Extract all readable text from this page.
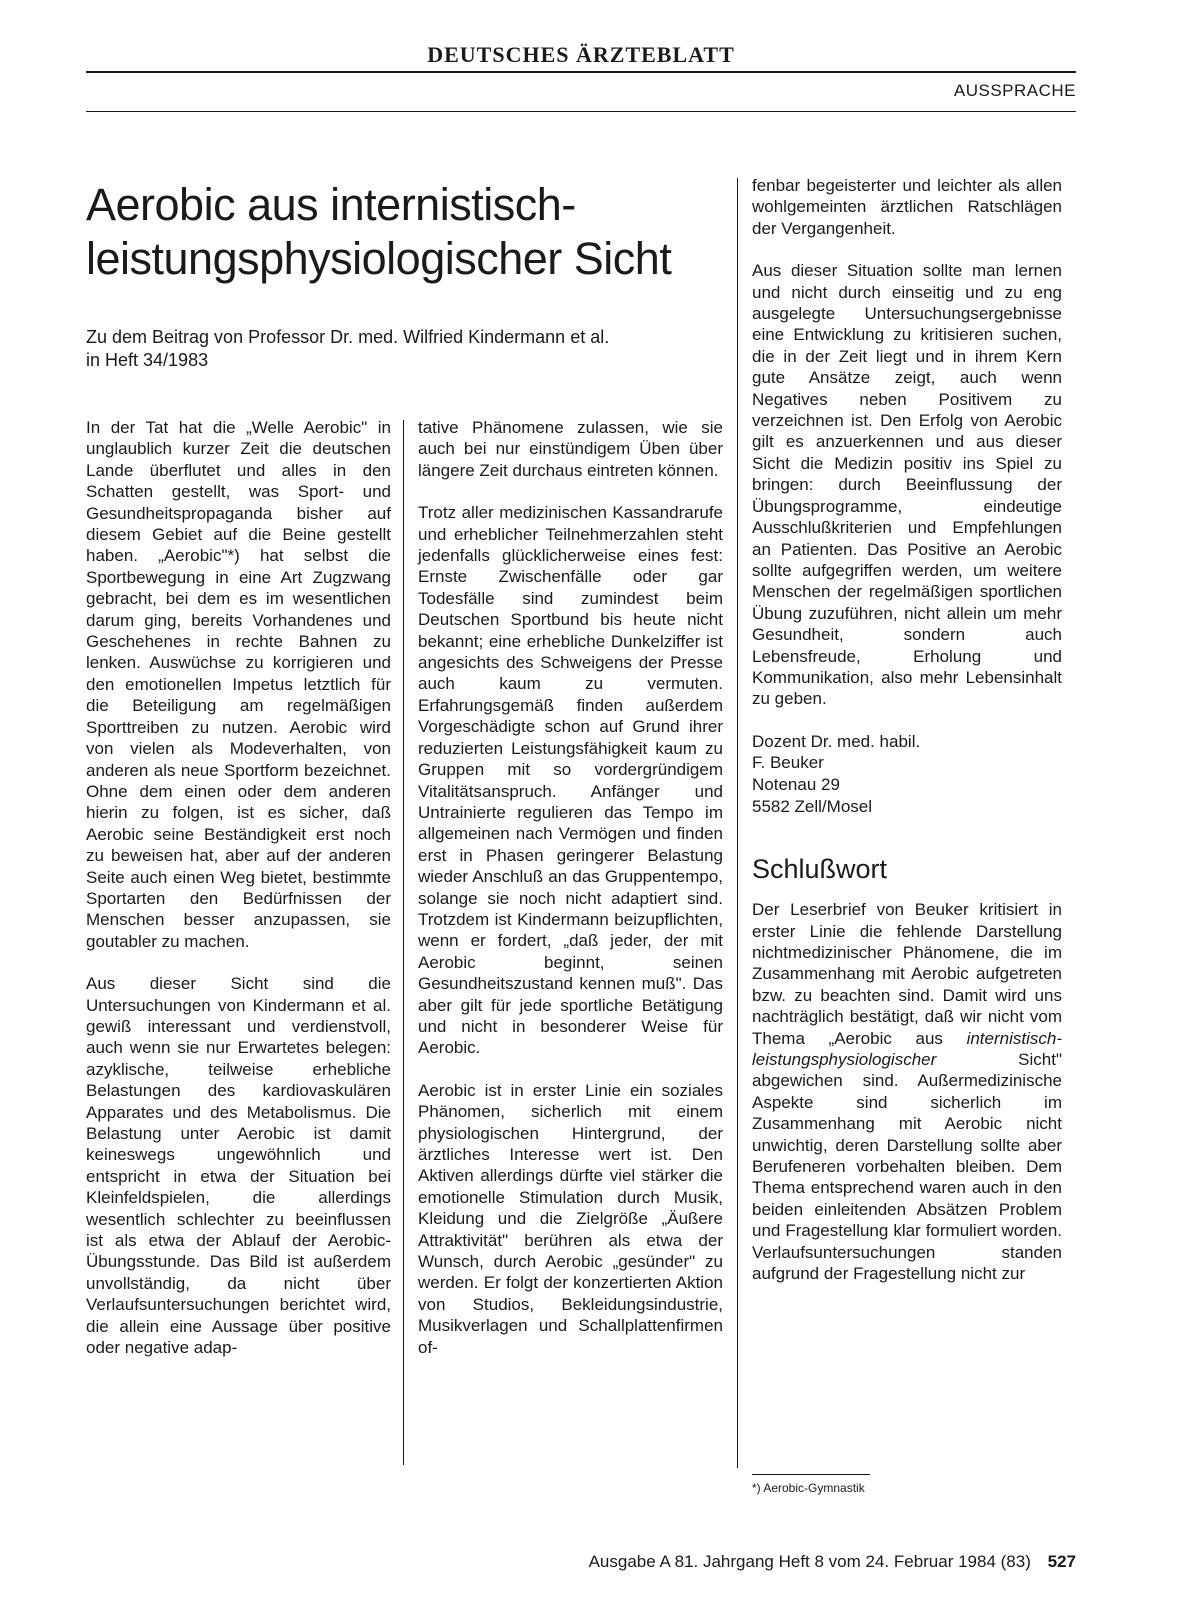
DEUTSCHES ÄRZTEBLATT
AUSSPRACHE
Aerobic aus internistisch-
leistungsphysiologischer Sicht

Zu dem Beitrag von Professor Dr. med. Wilfried Kindermann et al.
in Heft 34/1983

In der Tat hat die „Welle Aerobic" in unglaublich kurzer Zeit die deutschen Lande überflutet und alles in den Schatten gestellt, was Sport- und Gesundheitspropaganda bisher auf diesem Gebiet auf die Beine gestellt haben. „Aerobic"*) hat selbst die Sportbewegung in eine Art Zugzwang gebracht, bei dem es im wesentlichen darum ging, bereits Vorhandenes und Geschehenes in rechte Bahnen zu lenken. Auswüchse zu korrigieren und den emotionellen Impetus letztlich für die Beteiligung am regelmäßigen Sporttreiben zu nutzen. Aerobic wird von vielen als Modeverhalten, von anderen als neue Sportform bezeichnet. Ohne dem einen oder dem anderen hierin zu folgen, ist es sicher, daß Aerobic seine Beständigkeit erst noch zu beweisen hat, aber auf der anderen Seite auch einen Weg bietet, bestimmte Sportarten den Bedürfnissen der Menschen besser anzupassen, sie goutabler zu machen.

Aus dieser Sicht sind die Untersuchungen von Kindermann et al. gewiß interessant und verdienstvoll, auch wenn sie nur Erwartetes belegen: azyklische, teilweise erhebliche Belastungen des kardiovaskulären Apparates und des Metabolismus. Die Belastung unter Aerobic ist damit keineswegs ungewöhnlich und entspricht in etwa der Situation bei Kleinfeldspielen, die allerdings wesentlich schlechter zu beeinflussen ist als etwa der Ablauf der Aerobic-Übungsstunde. Das Bild ist außerdem unvollständig, da nicht über Verlaufsuntersuchungen berichtet wird, die allein eine Aussage über positive oder negative adap-

tative Phänomene zulassen, wie sie auch bei nur einstündigem Üben über längere Zeit durchaus eintreten können.

Trotz aller medizinischen Kassandrarufe und erheblicher Teilnehmerzahlen steht jedenfalls glücklicherweise eines fest: Ernste Zwischenfälle oder gar Todesfälle sind zumindest beim Deutschen Sportbund bis heute nicht bekannt; eine erhebliche Dunkelziffer ist angesichts des Schweigens der Presse auch kaum zu vermuten. Erfahrungsgemäß finden außerdem Vorgeschädigte schon auf Grund ihrer reduzierten Leistungsfähigkeit kaum zu Gruppen mit so vordergründigem Vitalitätsanspruch. Anfänger und Untrainierte regulieren das Tempo im allgemeinen nach Vermögen und finden erst in Phasen geringerer Belastung wieder Anschluß an das Gruppentempo, solange sie noch nicht adaptiert sind. Trotzdem ist Kindermann beizupflichten, wenn er fordert, „daß jeder, der mit Aerobic beginnt, seinen Gesundheitszustand kennen muß". Das aber gilt für jede sportliche Betätigung und nicht in besonderer Weise für Aerobic.

Aerobic ist in erster Linie ein soziales Phänomen, sicherlich mit einem physiologischen Hintergrund, der ärztliches Interesse wert ist. Den Aktiven allerdings dürfte viel stärker die emotionelle Stimulation durch Musik, Kleidung und die Zielgröße „Äußere Attraktivität" berühren als etwa der Wunsch, durch Aerobic „gesünder" zu werden. Er folgt der konzertierten Aktion von Studios, Bekleidungsindustrie, Musikverlagen und Schallplattenfirmen of-

fenbar begeisterter und leichter als allen wohlgemeinten ärztlichen Ratschlägen der Vergangenheit.

Aus dieser Situation sollte man lernen und nicht durch einseitig und zu eng ausgelegte Untersuchungsergebnisse eine Entwicklung zu kritisieren suchen, die in der Zeit liegt und in ihrem Kern gute Ansätze zeigt, auch wenn Negatives neben Positivem zu verzeichnen ist. Den Erfolg von Aerobic gilt es anzuerkennen und aus dieser Sicht die Medizin positiv ins Spiel zu bringen: durch Beeinflussung der Übungsprogramme, eindeutige Ausschlußkriterien und Empfehlungen an Patienten. Das Positive an Aerobic sollte aufgegriffen werden, um weitere Menschen der regelmäßigen sportlichen Übung zuzuführen, nicht allein um mehr Gesundheit, sondern auch Lebensfreude, Erholung und Kommunikation, also mehr Lebensinhalt zu geben.

Dozent Dr. med. habil.
F. Beuker
Notenau 29
5582 Zell/Mosel
Schlußwort

Der Leserbrief von Beuker kritisiert in erster Linie die fehlende Darstellung nichtmedizinischer Phänomene, die im Zusammenhang mit Aerobic aufgetreten bzw. zu beachten sind. Damit wird uns nachträglich bestätigt, daß wir nicht vom Thema „Aerobic aus internistisch-leistungsphysiologischer	Sicht" abgewichen sind. Außermedizinische Aspekte sind sicherlich im Zusammenhang mit Aerobic nicht unwichtig, deren Darstellung sollte aber Berufeneren vorbehalten bleiben. Dem Thema entsprechend waren auch in den beiden einleitenden Absätzen Problem und Fragestellung klar formuliert worden. Verlaufsuntersuchungen standen aufgrund der Fragestellung nicht zur

*) Aerobic-Gymnastik
Ausgabe A 81. Jahrgang Heft 8 vom 24. Februar 1984 (83) 527
